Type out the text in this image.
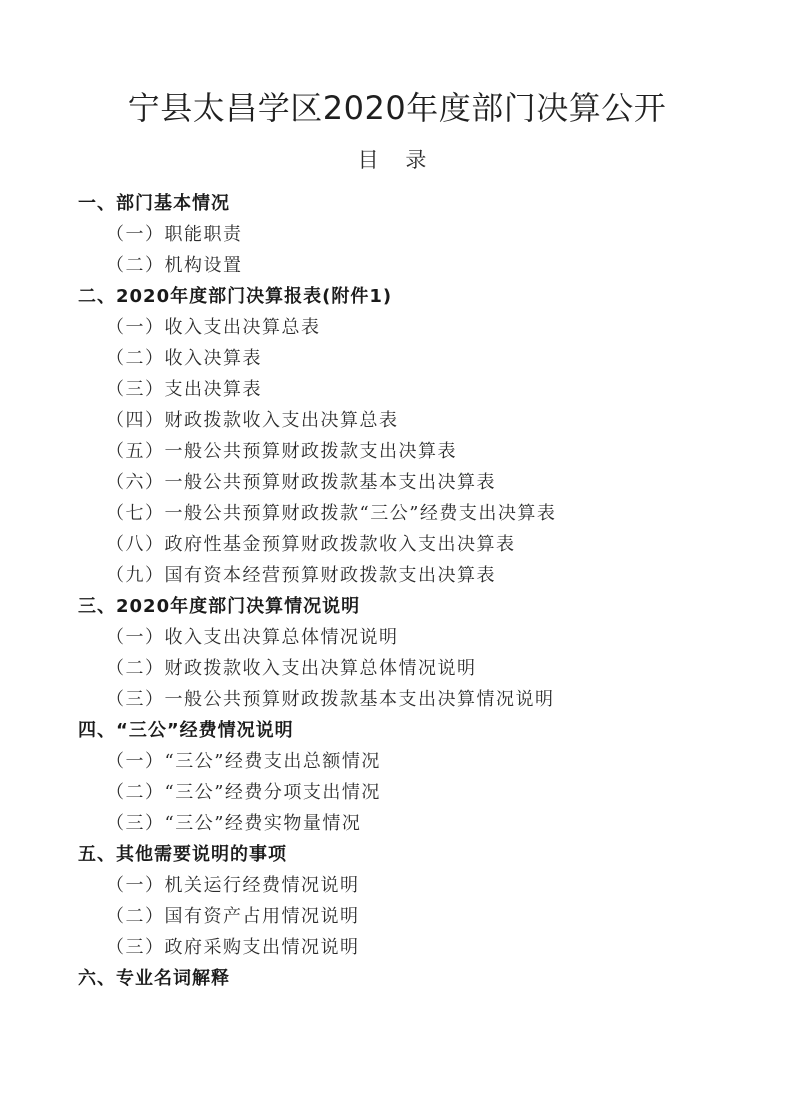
宁县太昌学区2020年度部门决算公开
目 录
一、部门基本情况
（一）职能职责
（二）机构设置
二、2020年度部门决算报表(附件1)
（一）收入支出决算总表
（二）收入决算表
（三）支出决算表
（四）财政拨款收入支出决算总表
（五）一般公共预算财政拨款支出决算表
（六）一般公共预算财政拨款基本支出决算表
（七）一般公共预算财政拨款“三公”经费支出决算表
（八）政府性基金预算财政拨款收入支出决算表
（九）国有资本经营预算财政拨款支出决算表
三、2020年度部门决算情况说明
（一）收入支出决算总体情况说明
（二）财政拨款收入支出决算总体情况说明
（三）一般公共预算财政拨款基本支出决算情况说明
四、“三公”经费情况说明
（一）“三公”经费支出总额情况
（二）“三公”经费分项支出情况
（三）“三公”经费实物量情况
五、其他需要说明的事项
（一）机关运行经费情况说明
（二）国有资产占用情况说明
（三）政府采购支出情况说明
六、专业名词解释
